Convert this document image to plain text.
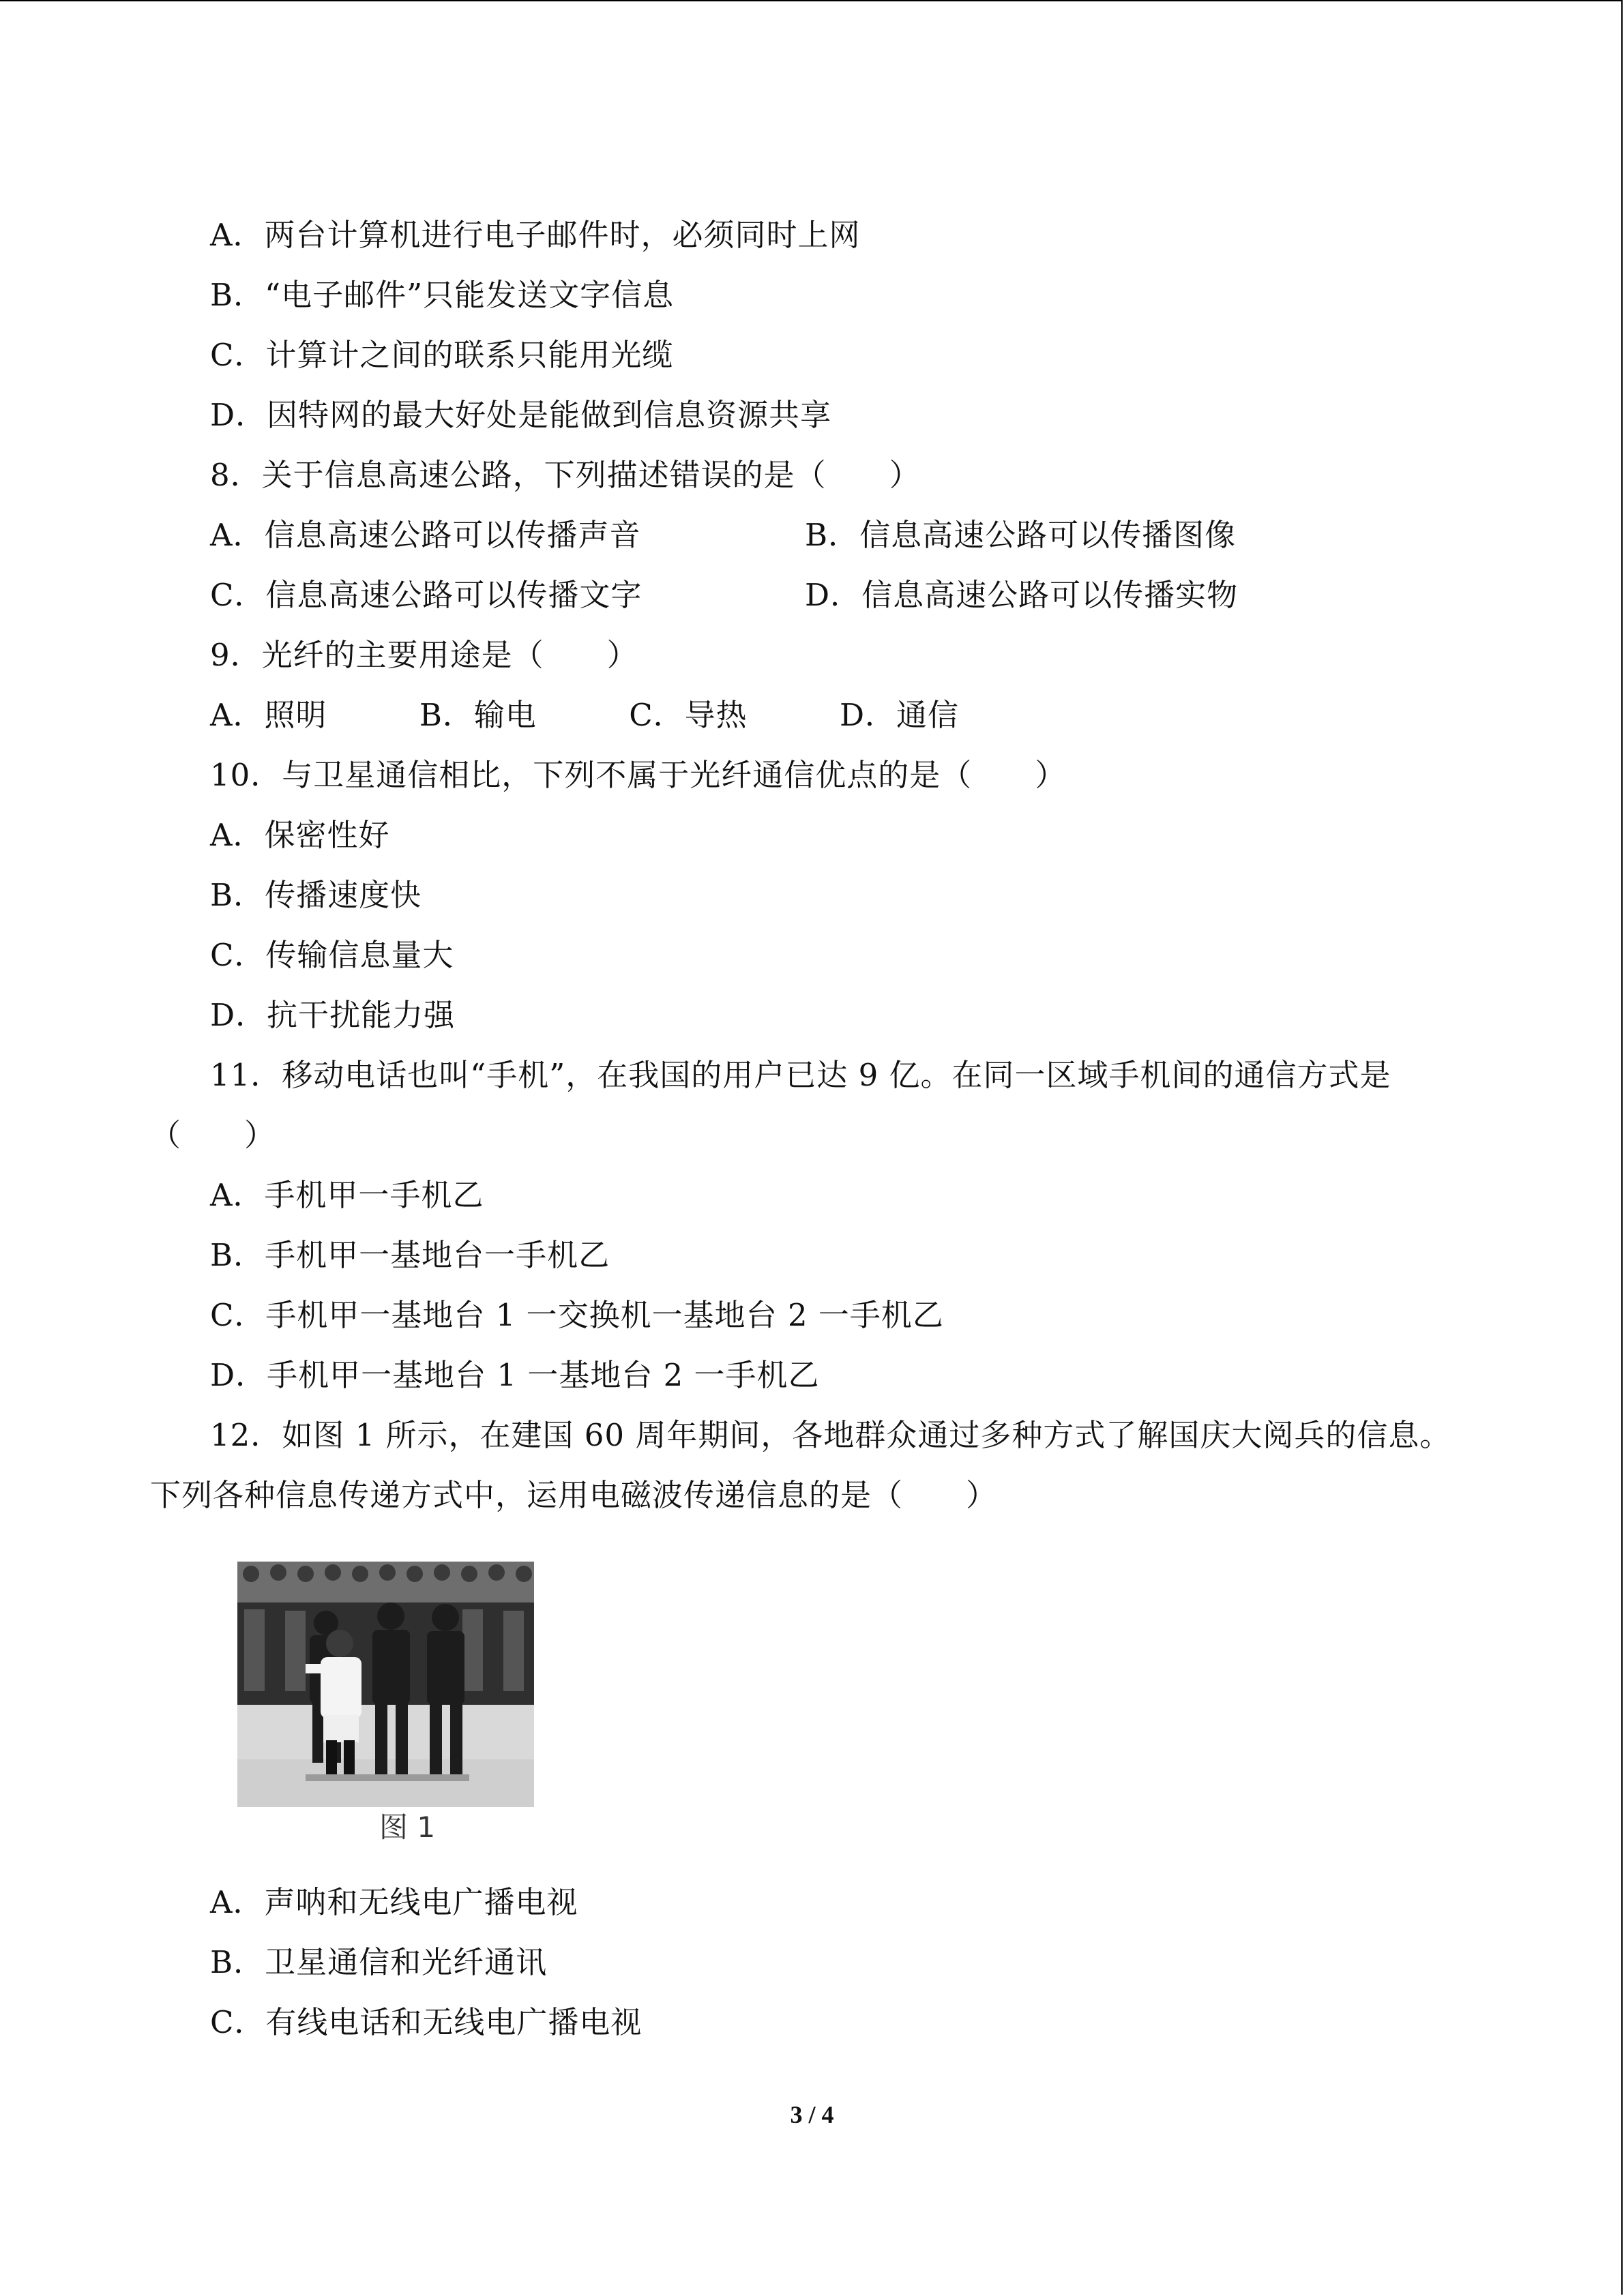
A．两台计算机进行电子邮件时，必须同时上网
B．“电子邮件”只能发送文字信息
C．计算计之间的联系只能用光缆
D．因特网的最大好处是能做到信息资源共享
8．关于信息高速公路，下列描述错误的是（　　）
A．信息高速公路可以传播声音	B．信息高速公路可以传播图像
C．信息高速公路可以传播文字	D．信息高速公路可以传播实物
9．光纤的主要用途是（　　）
A．照明	B．输电	C．导热	D．通信
10．与卫星通信相比，下列不属于光纤通信优点的是（　　）
A．保密性好
B．传播速度快
C．传输信息量大
D．抗干扰能力强
11．移动电话也叫“手机”，在我国的用户已达 9 亿。在同一区域手机间的通信方式是
（　　）
A．手机甲一手机乙
B．手机甲一基地台一手机乙
C．手机甲一基地台 1 一交换机一基地台 2 一手机乙
D．手机甲一基地台 1 一基地台 2 一手机乙
12．如图 1 所示，在建国 60 周年期间，各地群众通过多种方式了解国庆大阅兵的信息。
下列各种信息传递方式中，运用电磁波传递信息的是（　　）
图 1
A．声呐和无线电广播电视
B．卫星通信和光纤通讯
C．有线电话和无线电广播电视
3 / 4
